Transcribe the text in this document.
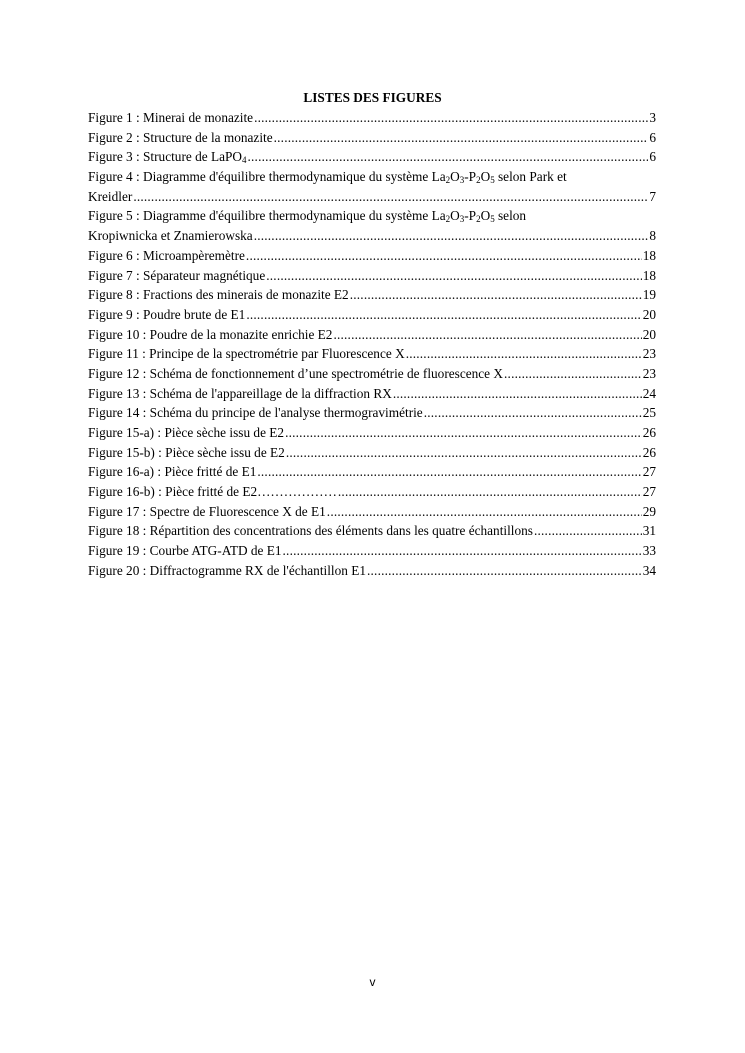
LISTES DES FIGURES
Figure 1 : Minerai de monazite .....	3
Figure 2 : Structure de la monazite .....	6
Figure 3 : Structure de LaPO$_4$ .....	6
Figure 4 : Diagramme d'équilibre thermodynamique du système $La_2O_3-P_2O_5$ selon Park et
Kreidler .....	7
Figure 5 : Diagramme d'équilibre thermodynamique du système $La_2O_3-P_2O_5$ selon
Kropiwnicka et Znamierowska .....	8
Figure 6 : Microampèremètre .....	18
Figure 7 : Séparateur magnétique .....	18
Figure 8 : Fractions des minerais de monazite E2 .....	19
Figure 9 : Poudre brute de E1 .....	20
Figure 10 : Poudre de la monazite enrichie E2 .....	20
Figure 11 : Principe de la spectrométrie par Fluorescence X .....	23
Figure 12 : Schéma de fonctionnement d’une spectrométrie de fluorescence X .....	23
Figure 13 : Schéma de l'appareillage de la diffraction RX .....	24
Figure 14 : Schéma du principe de l'analyse thermogravimétrie .....	25
Figure 15-a) : Pièce sèche issu de E2 .....	26
Figure 15-b) : Pièce sèche issu de E2 .....	26
Figure 16-a) : Pièce fritté de E1 .....	27
Figure 16-b) : Pièce fritté de E2……………… .....	27
Figure 17 : Spectre de Fluorescence X de E1 .....	29
Figure 18 : Répartition des concentrations des éléments dans les quatre échantillons .....	31
Figure 19 : Courbe ATG-ATD de E1 .....	33
Figure 20 : Diffractogramme RX de l'échantillon E1 .....	34
v
